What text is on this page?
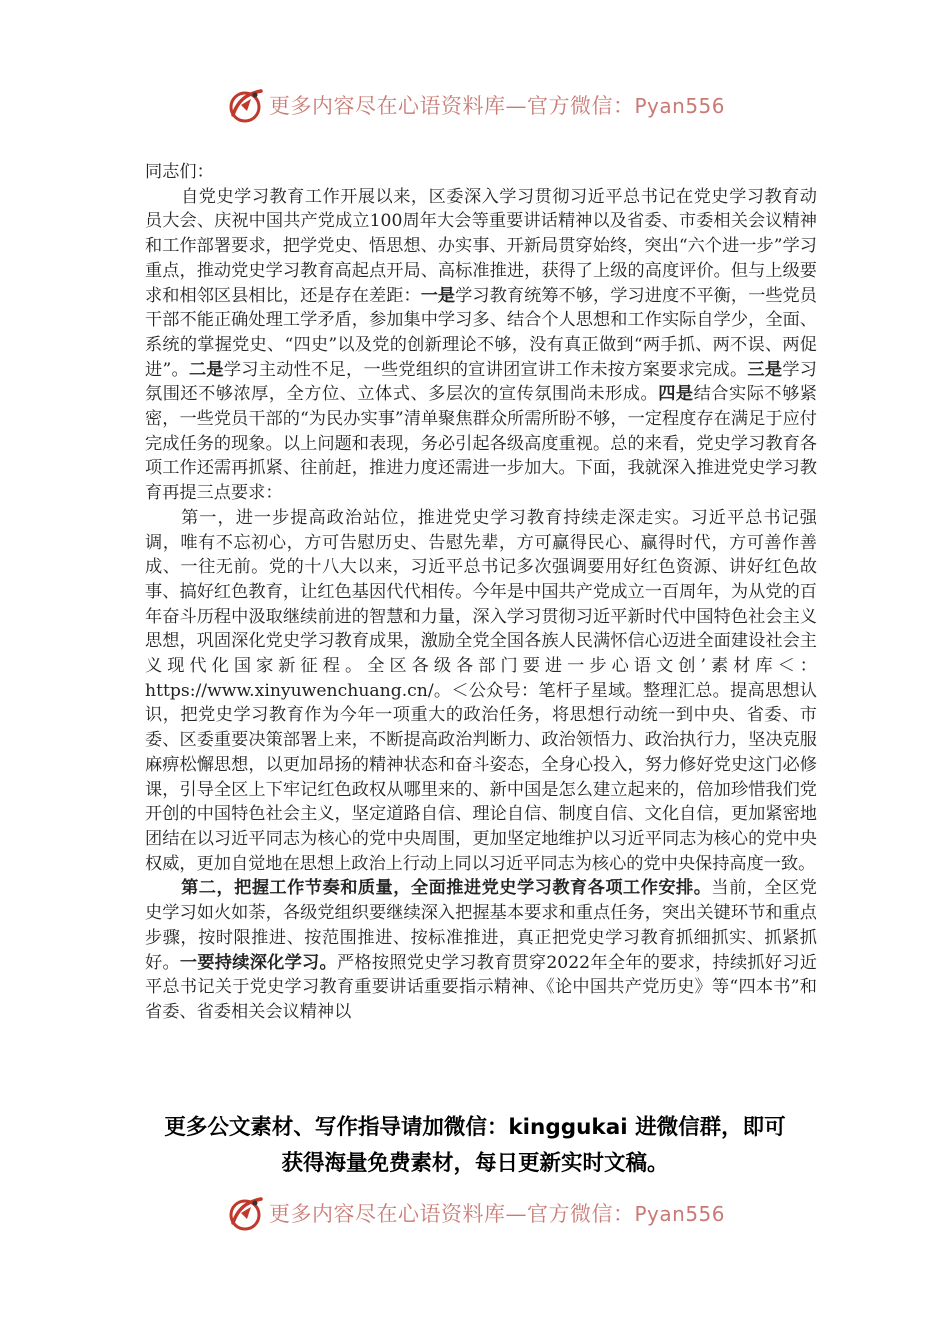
更多内容尽在心语资料库—官方微信：Pyan556

同志们：

自党史学习教育工作开展以来，区委深入学习贯彻习近平总书记在党史学习教育动员大会、庆祝中国共产党成立100周年大会等重要讲话精神以及省委、市委相关会议精神和工作部署要求，把学党史、悟思想、办实事、开新局贯穿始终，突出“六个进一步”学习重点，推动党史学习教育高起点开局、高标准推进，获得了上级的高度评价。但与上级要求和相邻区县相比，还是存在差距：一是学习教育统筹不够，学习进度不平衡，一些党员干部不能正确处理工学矛盾，参加集中学习多、结合个人思想和工作实际自学少，全面、系统的掌握党史、“四史”以及党的创新理论不够，没有真正做到“两手抓、两不误、两促进”。二是学习主动性不足，一些党组织的宣讲团宣讲工作未按方案要求完成。三是学习氛围还不够浓厚，全方位、立体式、多层次的宣传氛围尚未形成。四是结合实际不够紧密，一些党员干部的“为民办实事”清单聚焦群众所需所盼不够，一定程度存在满足于应付完成任务的现象。以上问题和表现，务必引起各级高度重视。总的来看，党史学习教育各项工作还需再抓紧、往前赶，推进力度还需进一步加大。下面，我就深入推进党史学习教育再提三点要求：

第一，进一步提高政治站位，推进党史学习教育持续走深走实。习近平总书记强调，唯有不忘初心，方可告慰历史、告慰先辈，方可赢得民心、赢得时代，方可善作善成、一往无前。党的十八大以来，习近平总书记多次强调要用好红色资源、讲好红色故事、搞好红色教育，让红色基因代代相传。今年是中国共产党成立一百周年，为从党的百年奋斗历程中汲取继续前进的智慧和力量，深入学习贯彻习近平新时代中国特色社会主义思想，巩固深化党史学习教育成果，激励全党全国各族人民满怀信心迈进全面建设社会主义现代化国家新征程。全区各级各部门要进一步心语文创’素材库＜：https://www.xinyuwenchuang.cn/。＜公众号：笔杆子星域。整理汇总。提高思想认识，把党史学习教育作为今年一项重大的政治任务，将思想行动统一到中央、省委、市委、区委重要决策部署上来，不断提高政治判断力、政治领悟力、政治执行力，坚决克服麻痹松懈思想，以更加昂扬的精神状态和奋斗姿态，全身心投入，努力修好党史这门必修课，引导全区上下牢记红色政权从哪里来的、新中国是怎么建立起来的，倍加珍惜我们党开创的中国特色社会主义，坚定道路自信、理论自信、制度自信、文化自信，更加紧密地团结在以习近平同志为核心的党中央周围，更加坚定地维护以习近平同志为核心的党中央权威，更加自觉地在思想上政治上行动上同以习近平同志为核心的党中央保持高度一致。

第二，把握工作节奏和质量，全面推进党史学习教育各项工作安排。当前，全区党史学习如火如荼，各级党组织要继续深入把握基本要求和重点任务，突出关键环节和重点步骤，按时限推进、按范围推进、按标准推进，真正把党史学习教育抓细抓实、抓紧抓好。一要持续深化学习。严格按照党史学习教育贯穿2022年全年的要求，持续抓好习近平总书记关于党史学习教育重要讲话重要指示精神、《论中国共产党历史》等“四本书”和省委、省委相关会议精神以

更多公文素材、写作指导请加微信：kinggukai 进微信群，即可
获得海量免费素材，每日更新实时文稿。
更多内容尽在心语资料库—官方微信：Pyan556
